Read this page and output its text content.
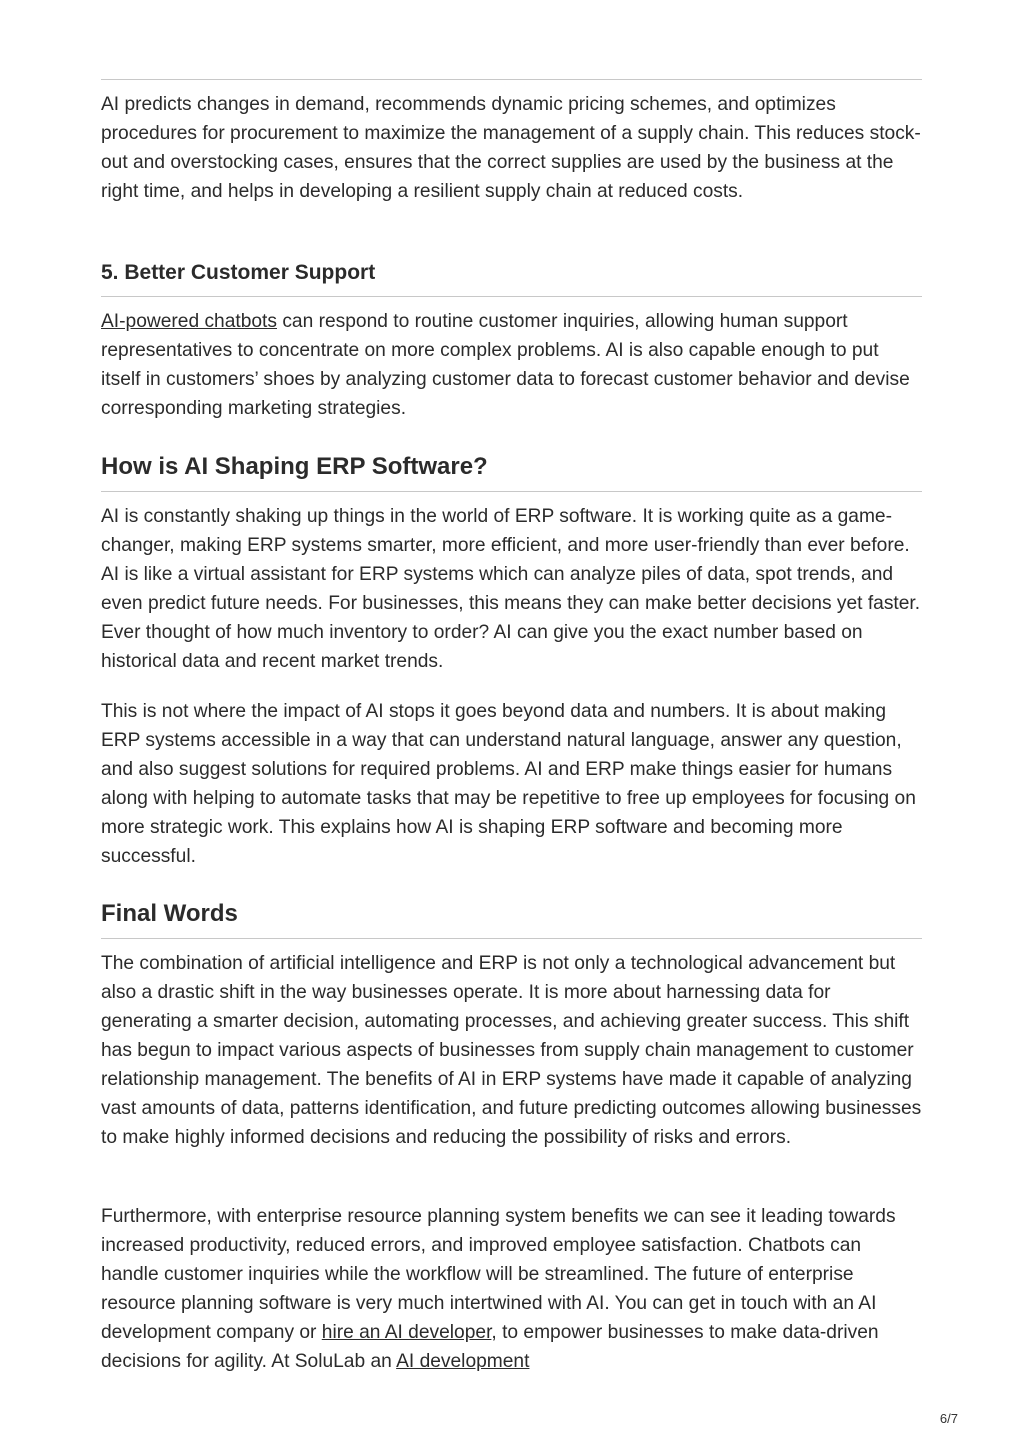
AI predicts changes in demand, recommends dynamic pricing schemes, and optimizes procedures for procurement to maximize the management of a supply chain. This reduces stock-out and overstocking cases, ensures that the correct supplies are used by the business at the right time, and helps in developing a resilient supply chain at reduced costs.

5. Better Customer Support

AI-powered chatbots can respond to routine customer inquiries, allowing human support representatives to concentrate on more complex problems. AI is also capable enough to put itself in customers’ shoes by analyzing customer data to forecast customer behavior and devise corresponding marketing strategies.

How is AI Shaping ERP Software?

AI is constantly shaking up things in the world of ERP software. It is working quite as a game-changer, making ERP systems smarter, more efficient, and more user-friendly than ever before. AI is like a virtual assistant for ERP systems which can analyze piles of data, spot trends, and even predict future needs. For businesses, this means they can make better decisions yet faster. Ever thought of how much inventory to order? AI can give you the exact number based on historical data and recent market trends.

This is not where the impact of AI stops it goes beyond data and numbers. It is about making ERP systems accessible in a way that can understand natural language, answer any question, and also suggest solutions for required problems. AI and ERP make things easier for humans along with helping to automate tasks that may be repetitive to free up employees for focusing on more strategic work. This explains how AI is shaping ERP software and becoming more successful.

Final Words

The combination of artificial intelligence and ERP is not only a technological advancement but also a drastic shift in the way businesses operate. It is more about harnessing data for generating a smarter decision, automating processes, and achieving greater success. This shift has begun to impact various aspects of businesses from supply chain management to customer relationship management. The benefits of AI in ERP systems have made it capable of analyzing vast amounts of data, patterns identification, and future predicting outcomes allowing businesses to make highly informed decisions and reducing the possibility of risks and errors.

Furthermore, with enterprise resource planning system benefits we can see it leading towards increased productivity, reduced errors, and improved employee satisfaction. Chatbots can handle customer inquiries while the workflow will be streamlined. The future of enterprise resource planning software is very much intertwined with AI. You can get in touch with an AI development company or hire an AI developer, to empower businesses to make data-driven decisions for agility. At SoluLab an AI development

6/7
